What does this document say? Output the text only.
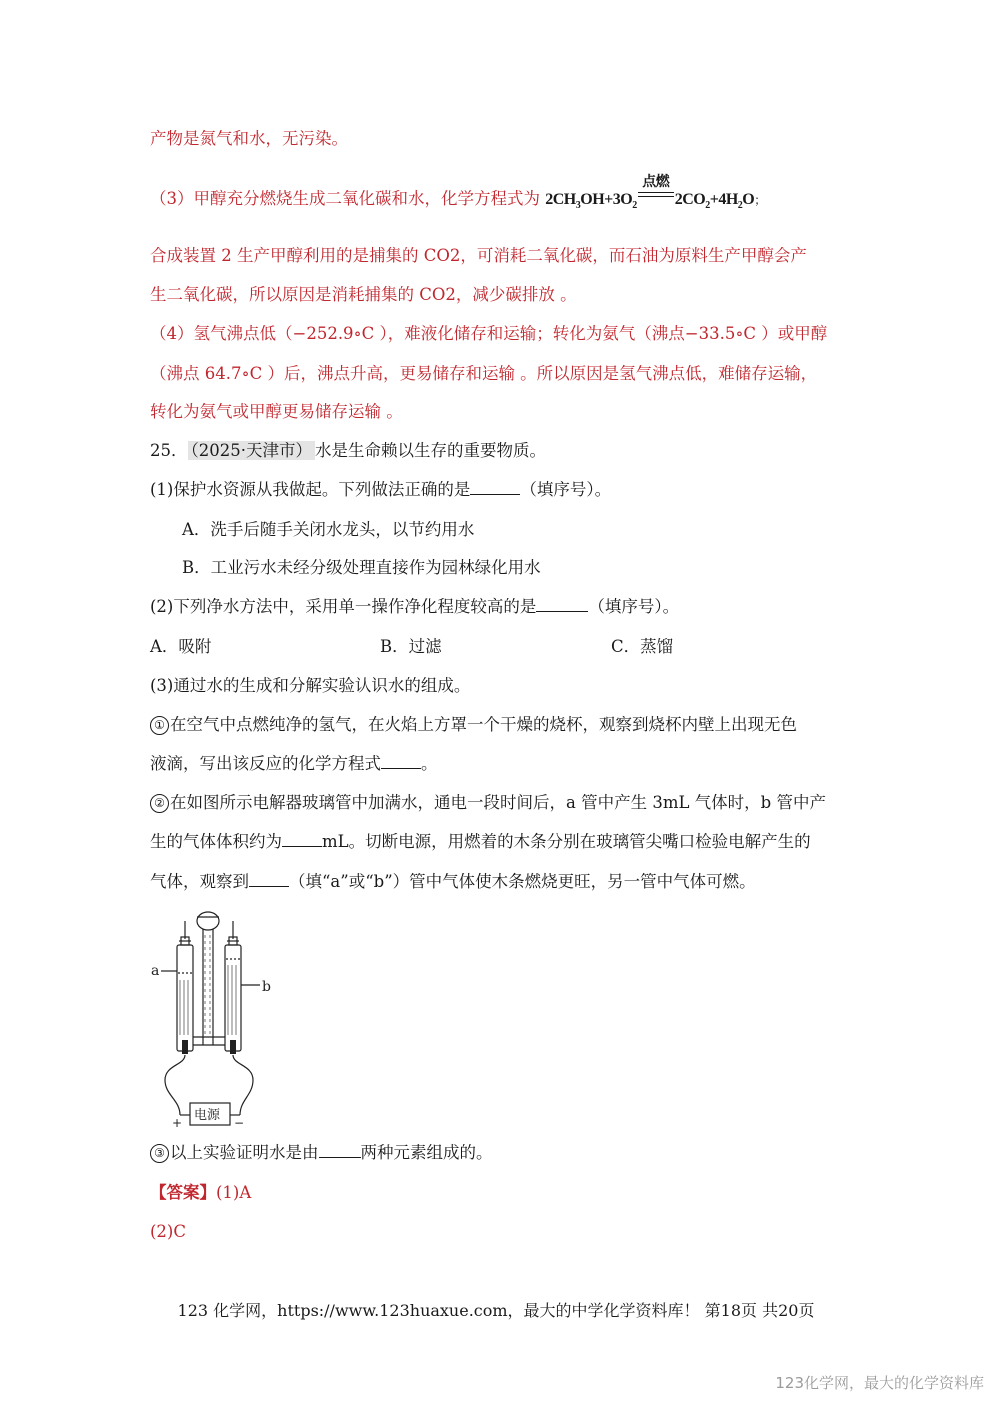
产物是氮气和水，无污染。
（3）甲醇充分燃烧生成二氧化碳和水，化学方程式为 $2CH_3OH+3O_2$
点燃
$2CO_2+4H_2O$；
合成装置 2 生产甲醇利用的是捕集的 CO2，可消耗二氧化碳，而石油为原料生产甲醇会产
生二氧化碳，所以原因是消耗捕集的 CO2，减少碳排放 。
（4）氢气沸点低（−252.9∘C ），难液化储存和运输；转化为氨气（沸点−33.5∘C ）或甲醇
（沸点 64.7∘C ）后，沸点升高，更易储存和运输 。所以原因是氢气沸点低，难储存运输，
转化为氨气或甲醇更易储存运输 。
25． （2025·天津市） 水是生命赖以生存的重要物质。
(1)保护水资源从我做起。下列做法正确的是	（填序号）。
A．洗手后随手关闭水龙头，以节约用水
B．工业污水未经分级处理直接作为园林绿化用水
(2)下列净水方法中，采用单一操作净化程度较高的是	（填序号）。
A．吸附	B．过滤	C．蒸馏
(3)通过水的生成和分解实验认识水的组成。
① 在空气中点燃纯净的氢气，在火焰上方罩一个干燥的烧杯，观察到烧杯内壁上出现无色
液滴，写出该反应的化学方程式 。
② 在如图所示电解器玻璃管中加满水，通电一段时间后，a 管中产生 3mL 气体时，b 管中产
生的气体体积约为 mL。切断电源，用燃着的木条分别在玻璃管尖嘴口检验电解产生的
气体，观察到 （填“a”或“b”）管中气体使木条燃烧更旺，另一管中气体可燃。
a
b
电源
+	−
③ 以上实验证明水是由	两种元素组成的。
【答案】(1)A
(2)C
123 化学网，https://www.123huaxue.com，最大的中学化学资料库！ 第18页 共20页
123化学网，最大的化学资料库
